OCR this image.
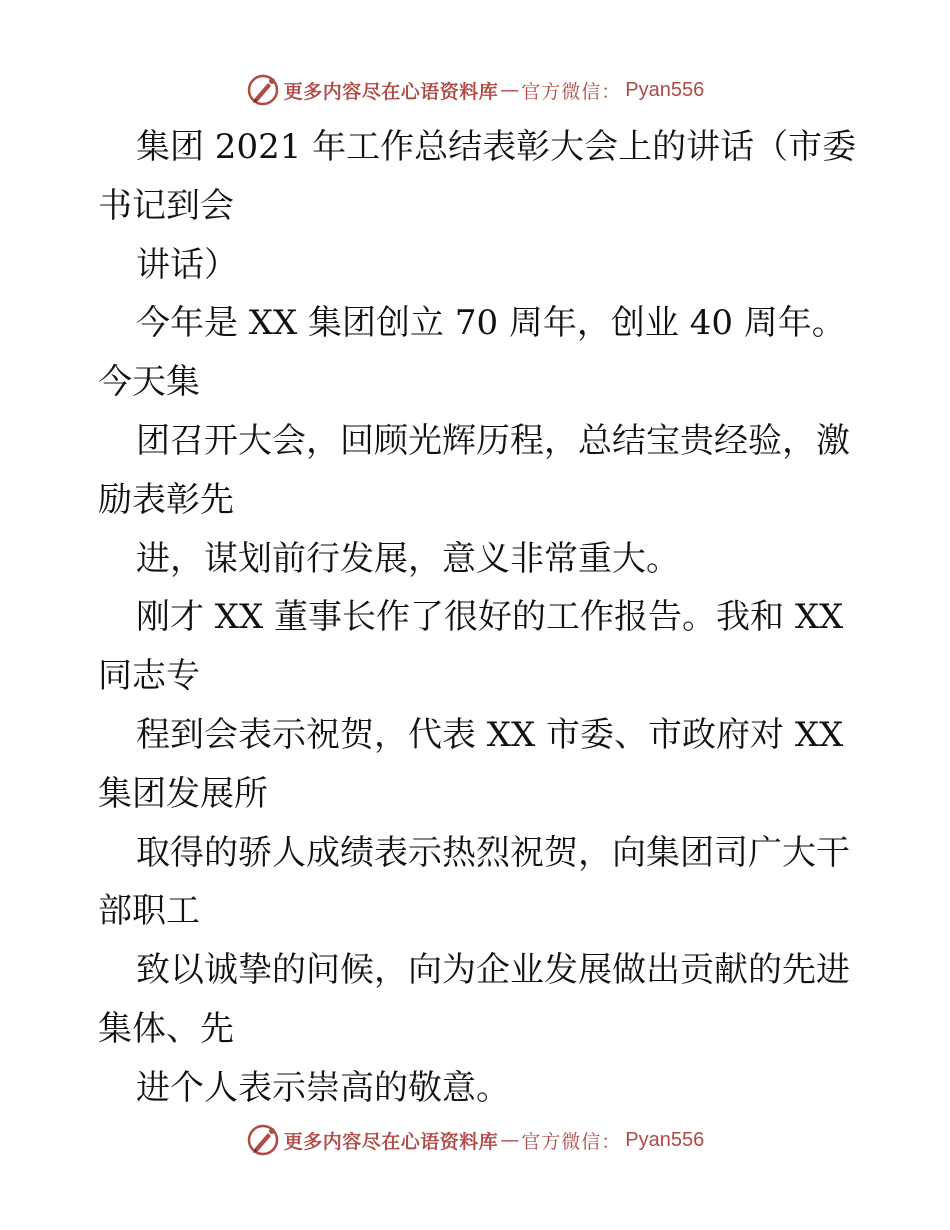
更多内容尽在心语资料库 — 官方微信： Pyan556
集团 2021 年工作总结表彰大会上的讲话（市委
书记到会
讲话）
今年是 XX 集团创立 70 周年，创业 40 周年。
今天集
团召开大会，回顾光辉历程，总结宝贵经验，激
励表彰先
进，谋划前行发展，意义非常重大。
刚才 XX 董事长作了很好的工作报告。我和 XX
同志专
程到会表示祝贺，代表 XX 市委、市政府对 XX
集团发展所
取得的骄人成绩表示热烈祝贺，向集团司广大干
部职工
致以诚挚的问候，向为企业发展做出贡献的先进
集体、先
进个人表示崇高的敬意。
更多内容尽在心语资料库 — 官方微信： Pyan556
